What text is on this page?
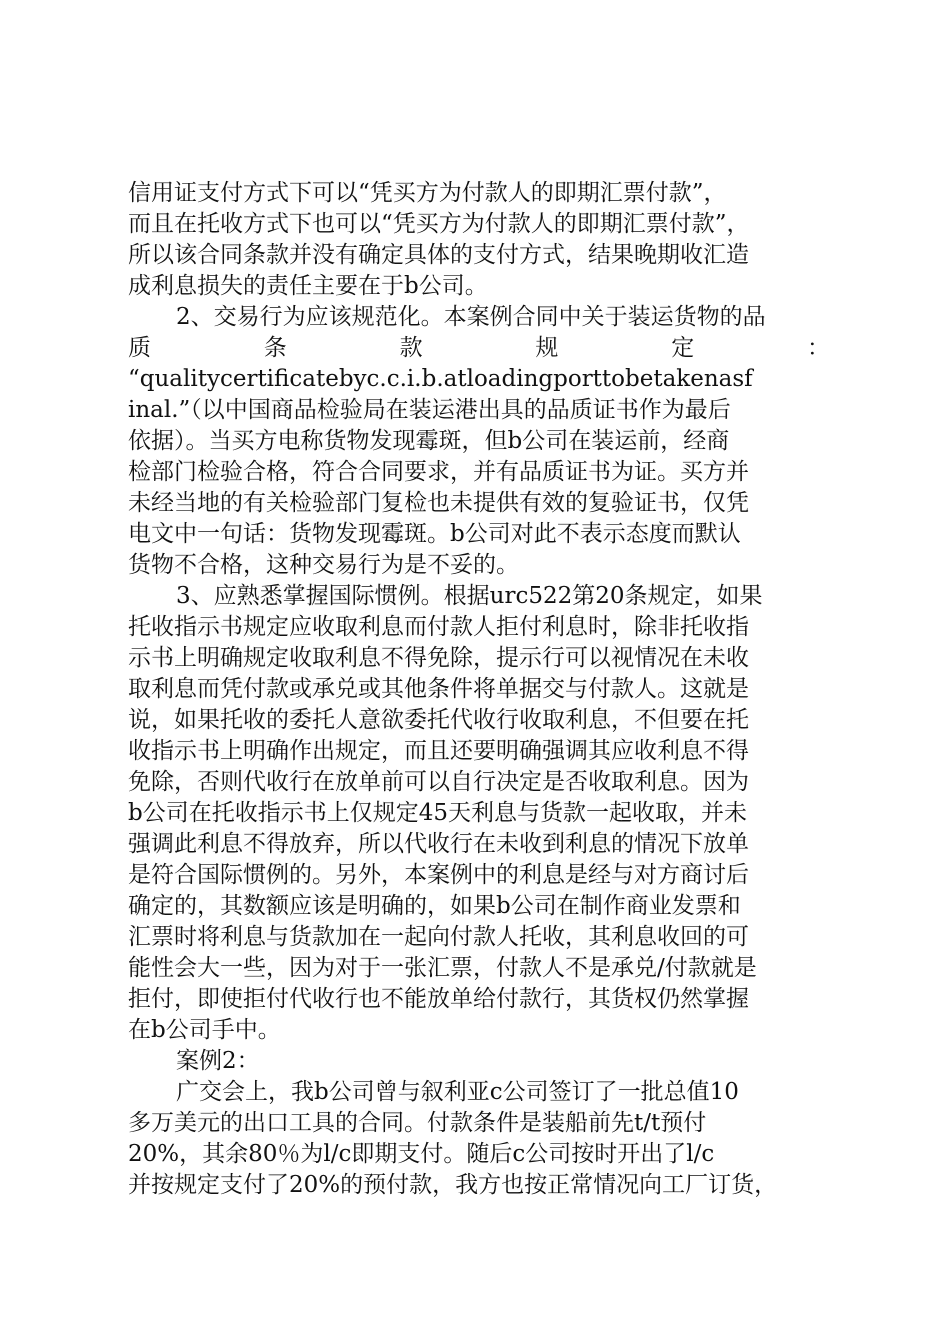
信用证支付方式下可以“凭买方为付款人的即期汇票付款”，
而且在托收方式下也可以“凭买方为付款人的即期汇票付款”，
所以该合同条款并没有确定具体的支付方式，结果晚期收汇造
成利息损失的责任主要在于b公司。
2、交易行为应该规范化。本案例合同中关于装运货物的品
质	条	款	规	定	：
“qualitycertificatebyc.c.i.b.atloadingporttobetakenasf
inal.”（以中国商品检验局在装运港出具的品质证书作为最后
依据）。当买方电称货物发现霉斑，但b公司在装运前，经商
检部门检验合格，符合合同要求，并有品质证书为证。买方并
未经当地的有关检验部门复检也未提供有效的复验证书，仅凭
电文中一句话：货物发现霉斑。b公司对此不表示态度而默认
货物不合格，这种交易行为是不妥的。
3、应熟悉掌握国际惯例。根据urc522第20条规定，如果
托收指示书规定应收取利息而付款人拒付利息时，除非托收指
示书上明确规定收取利息不得免除，提示行可以视情况在未收
取利息而凭付款或承兑或其他条件将单据交与付款人。这就是
说，如果托收的委托人意欲委托代收行收取利息，不但要在托
收指示书上明确作出规定，而且还要明确强调其应收利息不得
免除，否则代收行在放单前可以自行决定是否收取利息。因为
b公司在托收指示书上仅规定45天利息与货款一起收取，并未
强调此利息不得放弃，所以代收行在未收到利息的情况下放单
是符合国际惯例的。另外，本案例中的利息是经与对方商讨后
确定的，其数额应该是明确的，如果b公司在制作商业发票和
汇票时将利息与货款加在一起向付款人托收，其利息收回的可
能性会大一些，因为对于一张汇票，付款人不是承兑/付款就是
拒付，即使拒付代收行也不能放单给付款行，其货权仍然掌握
在b公司手中。
案例2：
广交会上，我b公司曾与叙利亚c公司签订了一批总值10
多万美元的出口工具的合同。付款条件是装船前先t/t预付
20%，其余80％为l/c即期支付。随后c公司按时开出了l/c
并按规定支付了20%的预付款，我方也按正常情况向工厂订货，
